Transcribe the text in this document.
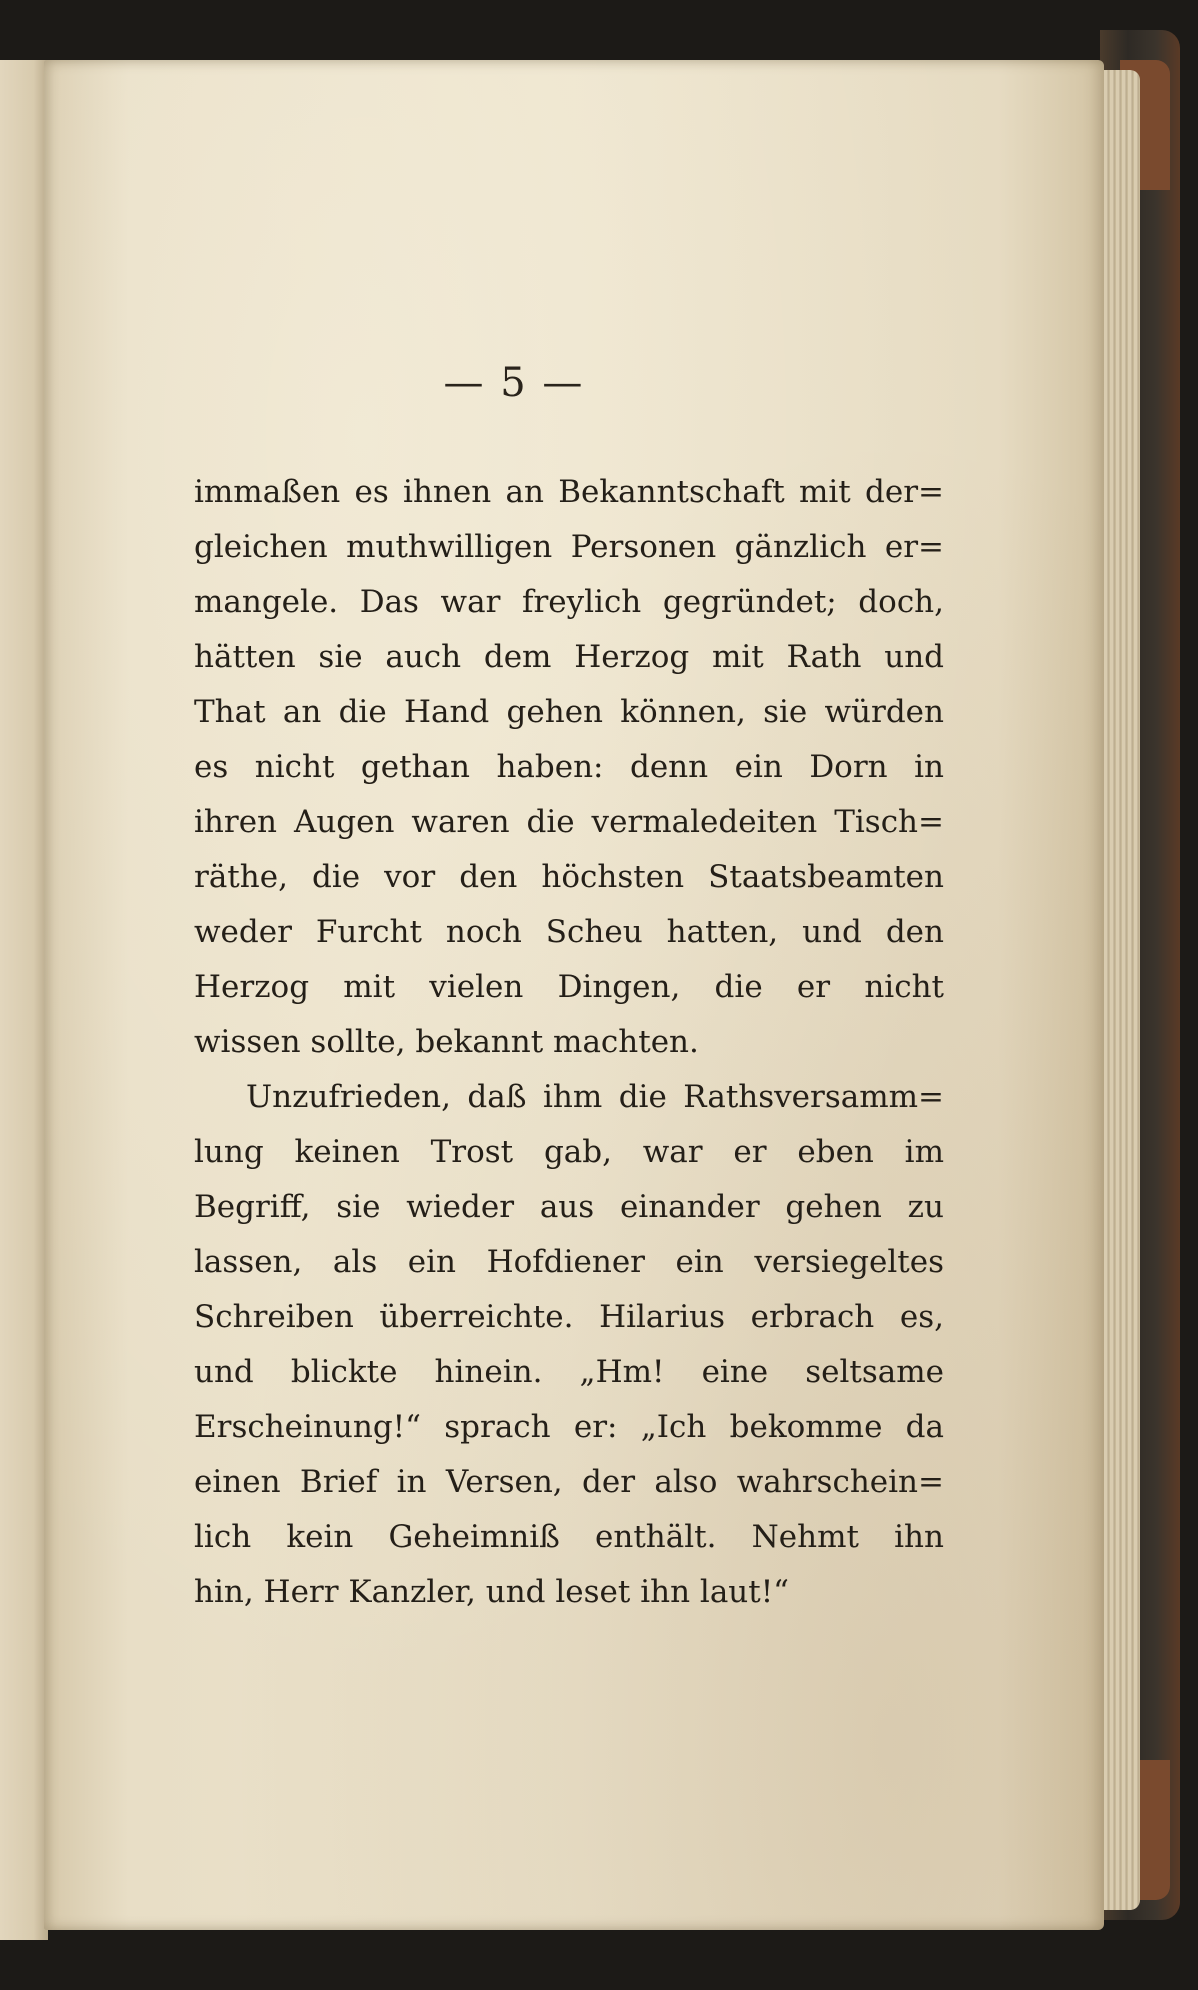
— 5 —
immaßen es ihnen an Bekanntschaft mit der=
gleichen muthwilligen Personen gänzlich er=
mangele. Das war freylich gegründet; doch,
hätten sie auch dem Herzog mit Rath und
That an die Hand gehen können, sie würden
es nicht gethan haben: denn ein Dorn in
ihren Augen waren die vermaledeiten Tisch=
räthe, die vor den höchsten Staatsbeamten
weder Furcht noch Scheu hatten, und den
Herzog mit vielen Dingen, die er nicht
wissen sollte, bekannt machten.
Unzufrieden, daß ihm die Rathsversamm=
lung keinen Trost gab, war er eben im
Begriff, sie wieder aus einander gehen zu
lassen, als ein Hofdiener ein versiegeltes
Schreiben überreichte. Hilarius erbrach es,
und blickte hinein. „Hm! eine seltsame
Erscheinung!“ sprach er: „Ich bekomme da
einen Brief in Versen, der also wahrschein=
lich kein Geheimniß enthält. Nehmt ihn
hin, Herr Kanzler, und leset ihn laut!“
